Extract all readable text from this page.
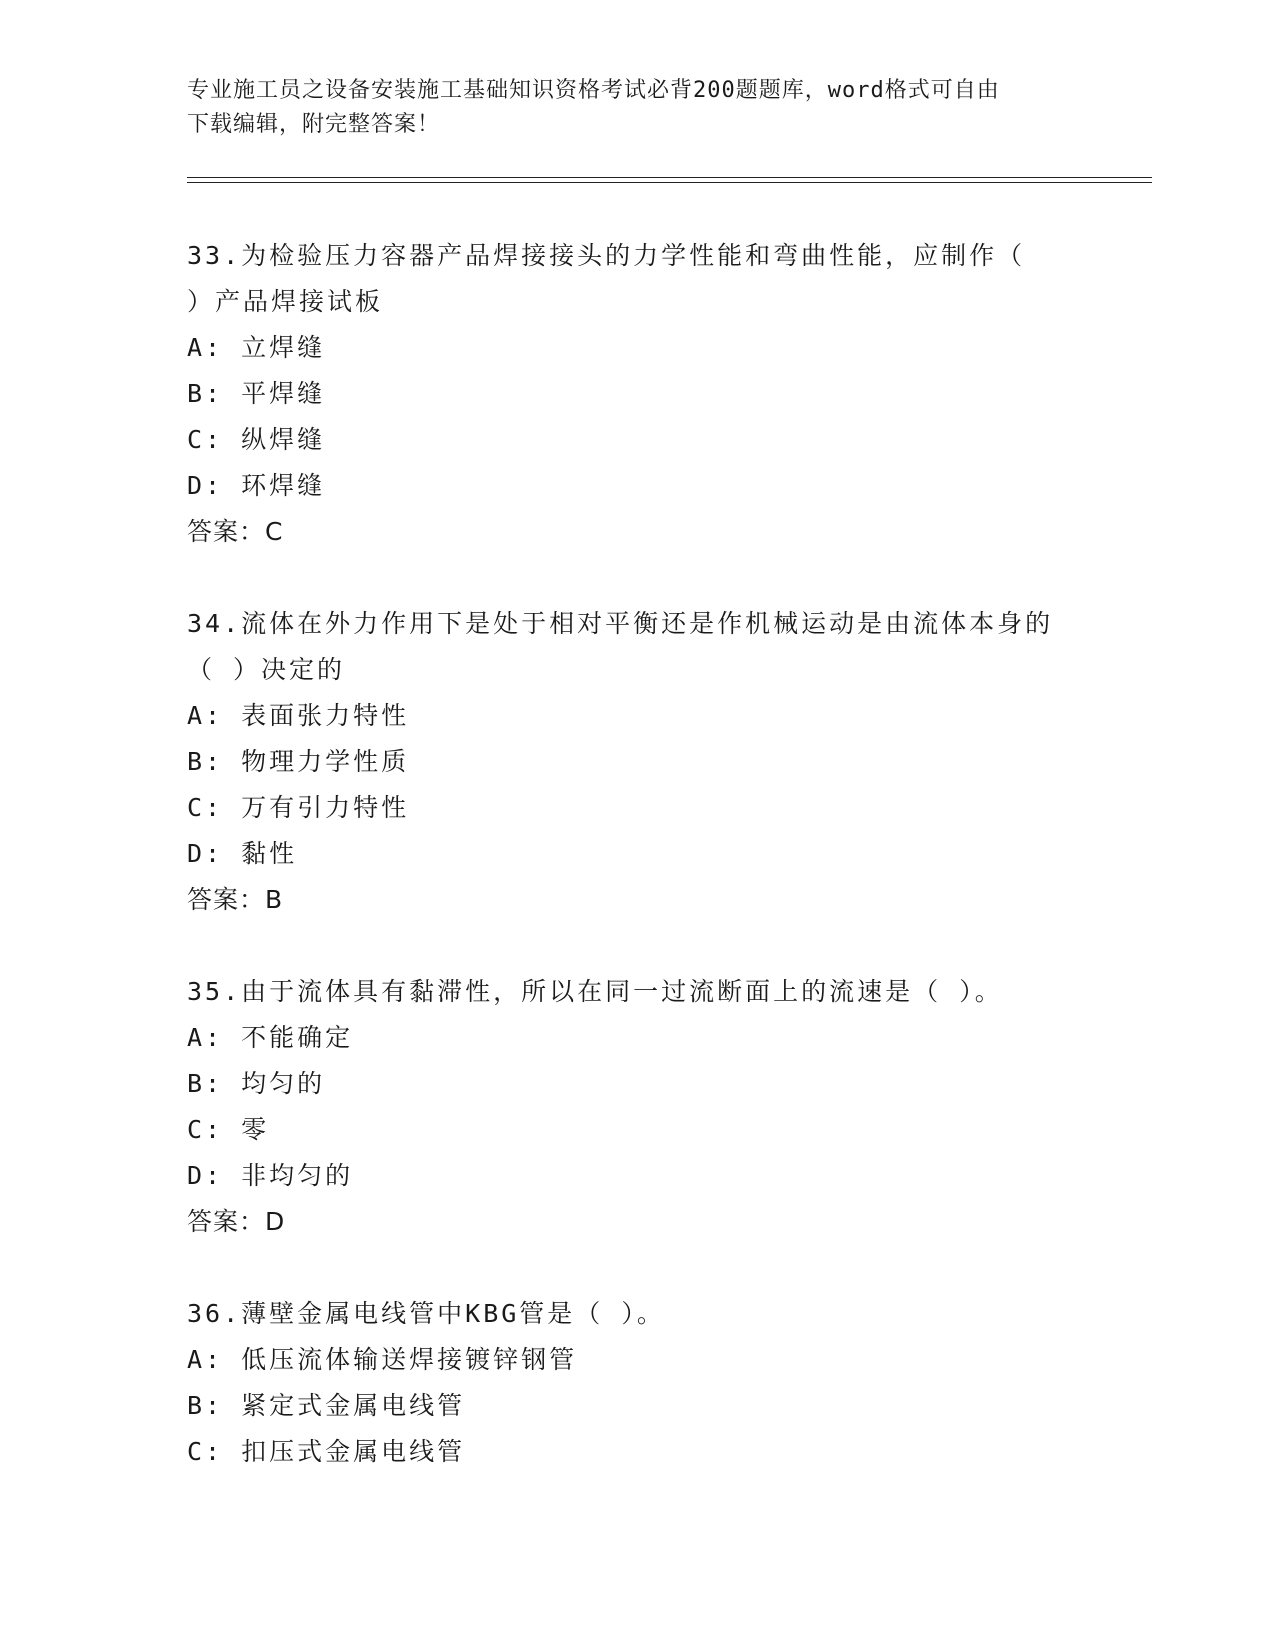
专业施工员之设备安装施工基础知识资格考试必背200题题库，word格式可自由
下载编辑，附完整答案！

33.为检验压力容器产品焊接接头的力学性能和弯曲性能，应制作（

）产品焊接试板

A: 立焊缝

B: 平焊缝

C: 纵焊缝

D: 环焊缝

答案：C

34.流体在外力作用下是处于相对平衡还是作机械运动是由流体本身的

（ ）决定的

A: 表面张力特性

B: 物理力学性质

C: 万有引力特性

D: 黏性

答案：B

35.由于流体具有黏滞性，所以在同一过流断面上的流速是（ ）。

A: 不能确定

B: 均匀的

C: 零

D: 非均匀的

答案：D

36.薄壁金属电线管中KBG管是（ ）。

A: 低压流体输送焊接镀锌钢管

B: 紧定式金属电线管

C: 扣压式金属电线管
